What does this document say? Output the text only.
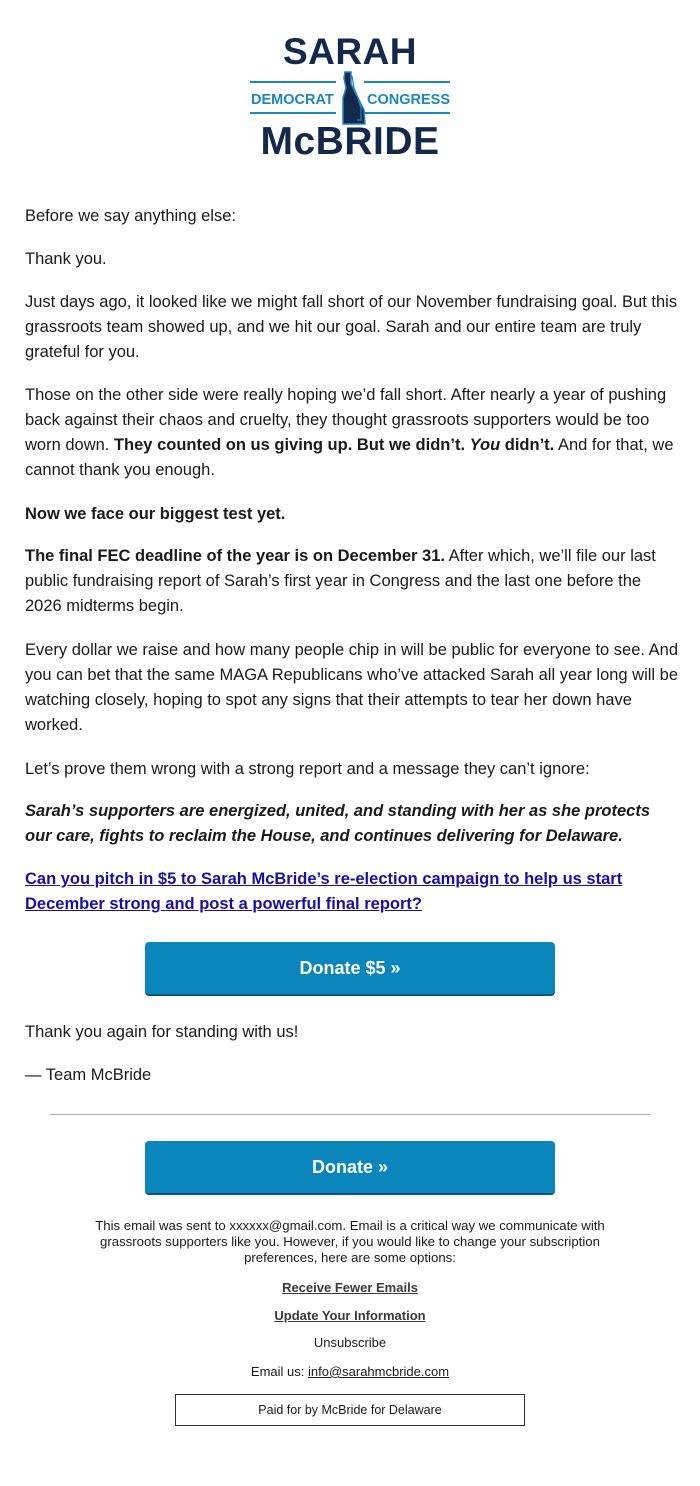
SARAH
DEMOCRAT CONGRESS
McBRIDE

Before we say anything else:

Thank you.

Just days ago, it looked like we might fall short of our November fundraising goal. But this grassroots team showed up, and we hit our goal. Sarah and our entire team are truly grateful for you.

Those on the other side were really hoping we’d fall short. After nearly a year of pushing back against their chaos and cruelty, they thought grassroots supporters would be too worn down. They counted on us giving up. But we didn’t. You didn’t. And for that, we cannot thank you enough.

Now we face our biggest test yet.

The final FEC deadline of the year is on December 31. After which, we’ll file our last public fundraising report of Sarah’s first year in Congress and the last one before the 2026 midterms begin.

Every dollar we raise and how many people chip in will be public for everyone to see. And you can bet that the same MAGA Republicans who’ve attacked Sarah all year long will be watching closely, hoping to spot any signs that their attempts to tear her down have worked.

Let’s prove them wrong with a strong report and a message they can’t ignore:

Sarah’s supporters are energized, united, and standing with her as she protects our care, fights to reclaim the House, and continues delivering for Delaware.

Can you pitch in $5 to Sarah McBride’s re-election campaign to help us start December strong and post a powerful final report?

Donate $5 »

Thank you again for standing with us!

— Team McBride

Donate »
This email was sent to xxxxxx@gmail.com. Email is a critical way we communicate with grassroots supporters like you. However, if you would like to change your subscription preferences, here are some options:
Receive Fewer Emails
Update Your Information
Unsubscribe
Email us: info@sarahmcbride.com
Paid for by McBride for Delaware
